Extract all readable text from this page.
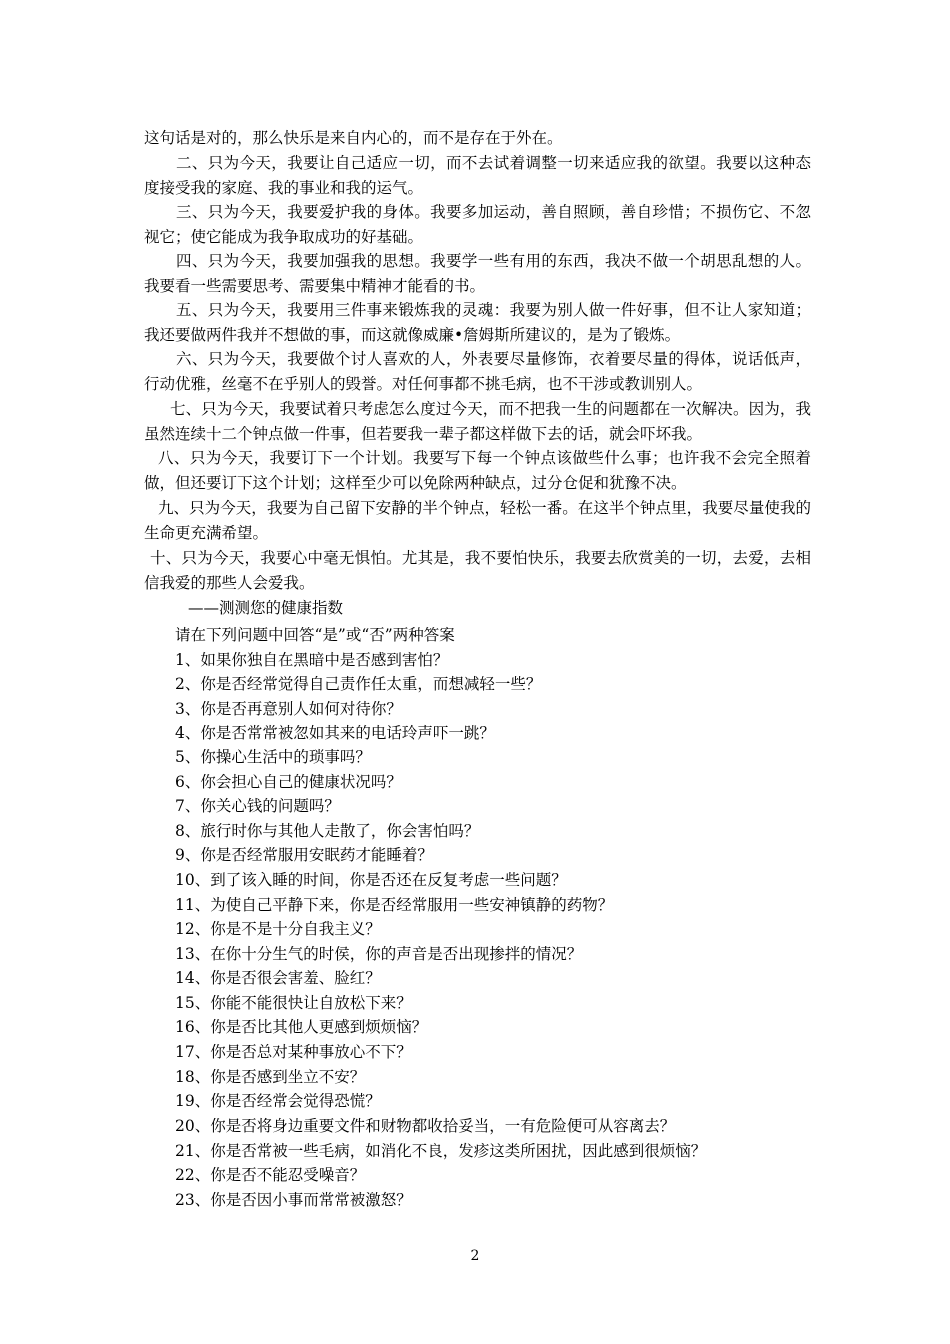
这句话是对的，那么快乐是来自内心的，而不是存在于外在。

二、只为今天，我要让自己适应一切，而不去试着调整一切来适应我的欲望。我要以这种态度接受我的家庭、我的事业和我的运气。

三、只为今天，我要爱护我的身体。我要多加运动，善自照顾，善自珍惜；不损伤它、不忽视它；使它能成为我争取成功的好基础。

四、只为今天，我要加强我的思想。我要学一些有用的东西，我决不做一个胡思乱想的人。我要看一些需要思考、需要集中精神才能看的书。

五、只为今天，我要用三件事来锻炼我的灵魂：我要为别人做一件好事，但不让人家知道；我还要做两件我并不想做的事，而这就像威廉•詹姆斯所建议的，是为了锻炼。

六、只为今天，我要做个讨人喜欢的人，外表要尽量修饰，衣着要尽量的得体，说话低声，行动优雅，丝毫不在乎别人的毁誉。对任何事都不挑毛病，也不干涉或教训别人。

七、只为今天，我要试着只考虑怎么度过今天，而不把我一生的问题都在一次解决。因为，我虽然连续十二个钟点做一件事，但若要我一辈子都这样做下去的话，就会吓坏我。

八、只为今天，我要订下一个计划。我要写下每一个钟点该做些什么事；也许我不会完全照着做，但还要订下这个计划；这样至少可以免除两种缺点，过分仓促和犹豫不决。

九、只为今天，我要为自己留下安静的半个钟点，轻松一番。在这半个钟点里，我要尽量使我的生命更充满希望。

十、只为今天，我要心中毫无惧怕。尤其是，我不要怕快乐，我要去欣赏美的一切，去爱，去相信我爱的那些人会爱我。

——测测您的健康指数
请在下列问题中回答“是”或“否”两种答案
1、如果你独自在黑暗中是否感到害怕？
2、你是否经常觉得自己责作任太重，而想减轻一些？
3、你是否再意别人如何对待你？
4、你是否常常被忽如其来的电话玲声吓一跳？
5、你操心生活中的琐事吗？
6、你会担心自己的健康状况吗？
7、你关心钱的问题吗？
8、旅行时你与其他人走散了，你会害怕吗？
9、你是否经常服用安眠药才能睡着？
10、到了该入睡的时间，你是否还在反复考虑一些问题？
11、为使自己平静下来，你是否经常服用一些安神镇静的药物？
12、你是不是十分自我主义？
13、在你十分生气的时侯，你的声音是否出现掺拌的情况？
14、你是否很会害羞、脸红？
15、你能不能很快让自放松下来？
16、你是否比其他人更感到烦烦恼？
17、你是否总对某种事放心不下？
18、你是否感到坐立不安？
19、你是否经常会觉得恐慌？
20、你是否将身边重要文件和财物都收拾妥当，一有危险便可从容离去？
21、你是否常被一些毛病，如消化不良，发疹这类所困扰，因此感到很烦恼？
22、你是否不能忍受噪音？
23、你是否因小事而常常被激怒？
2
